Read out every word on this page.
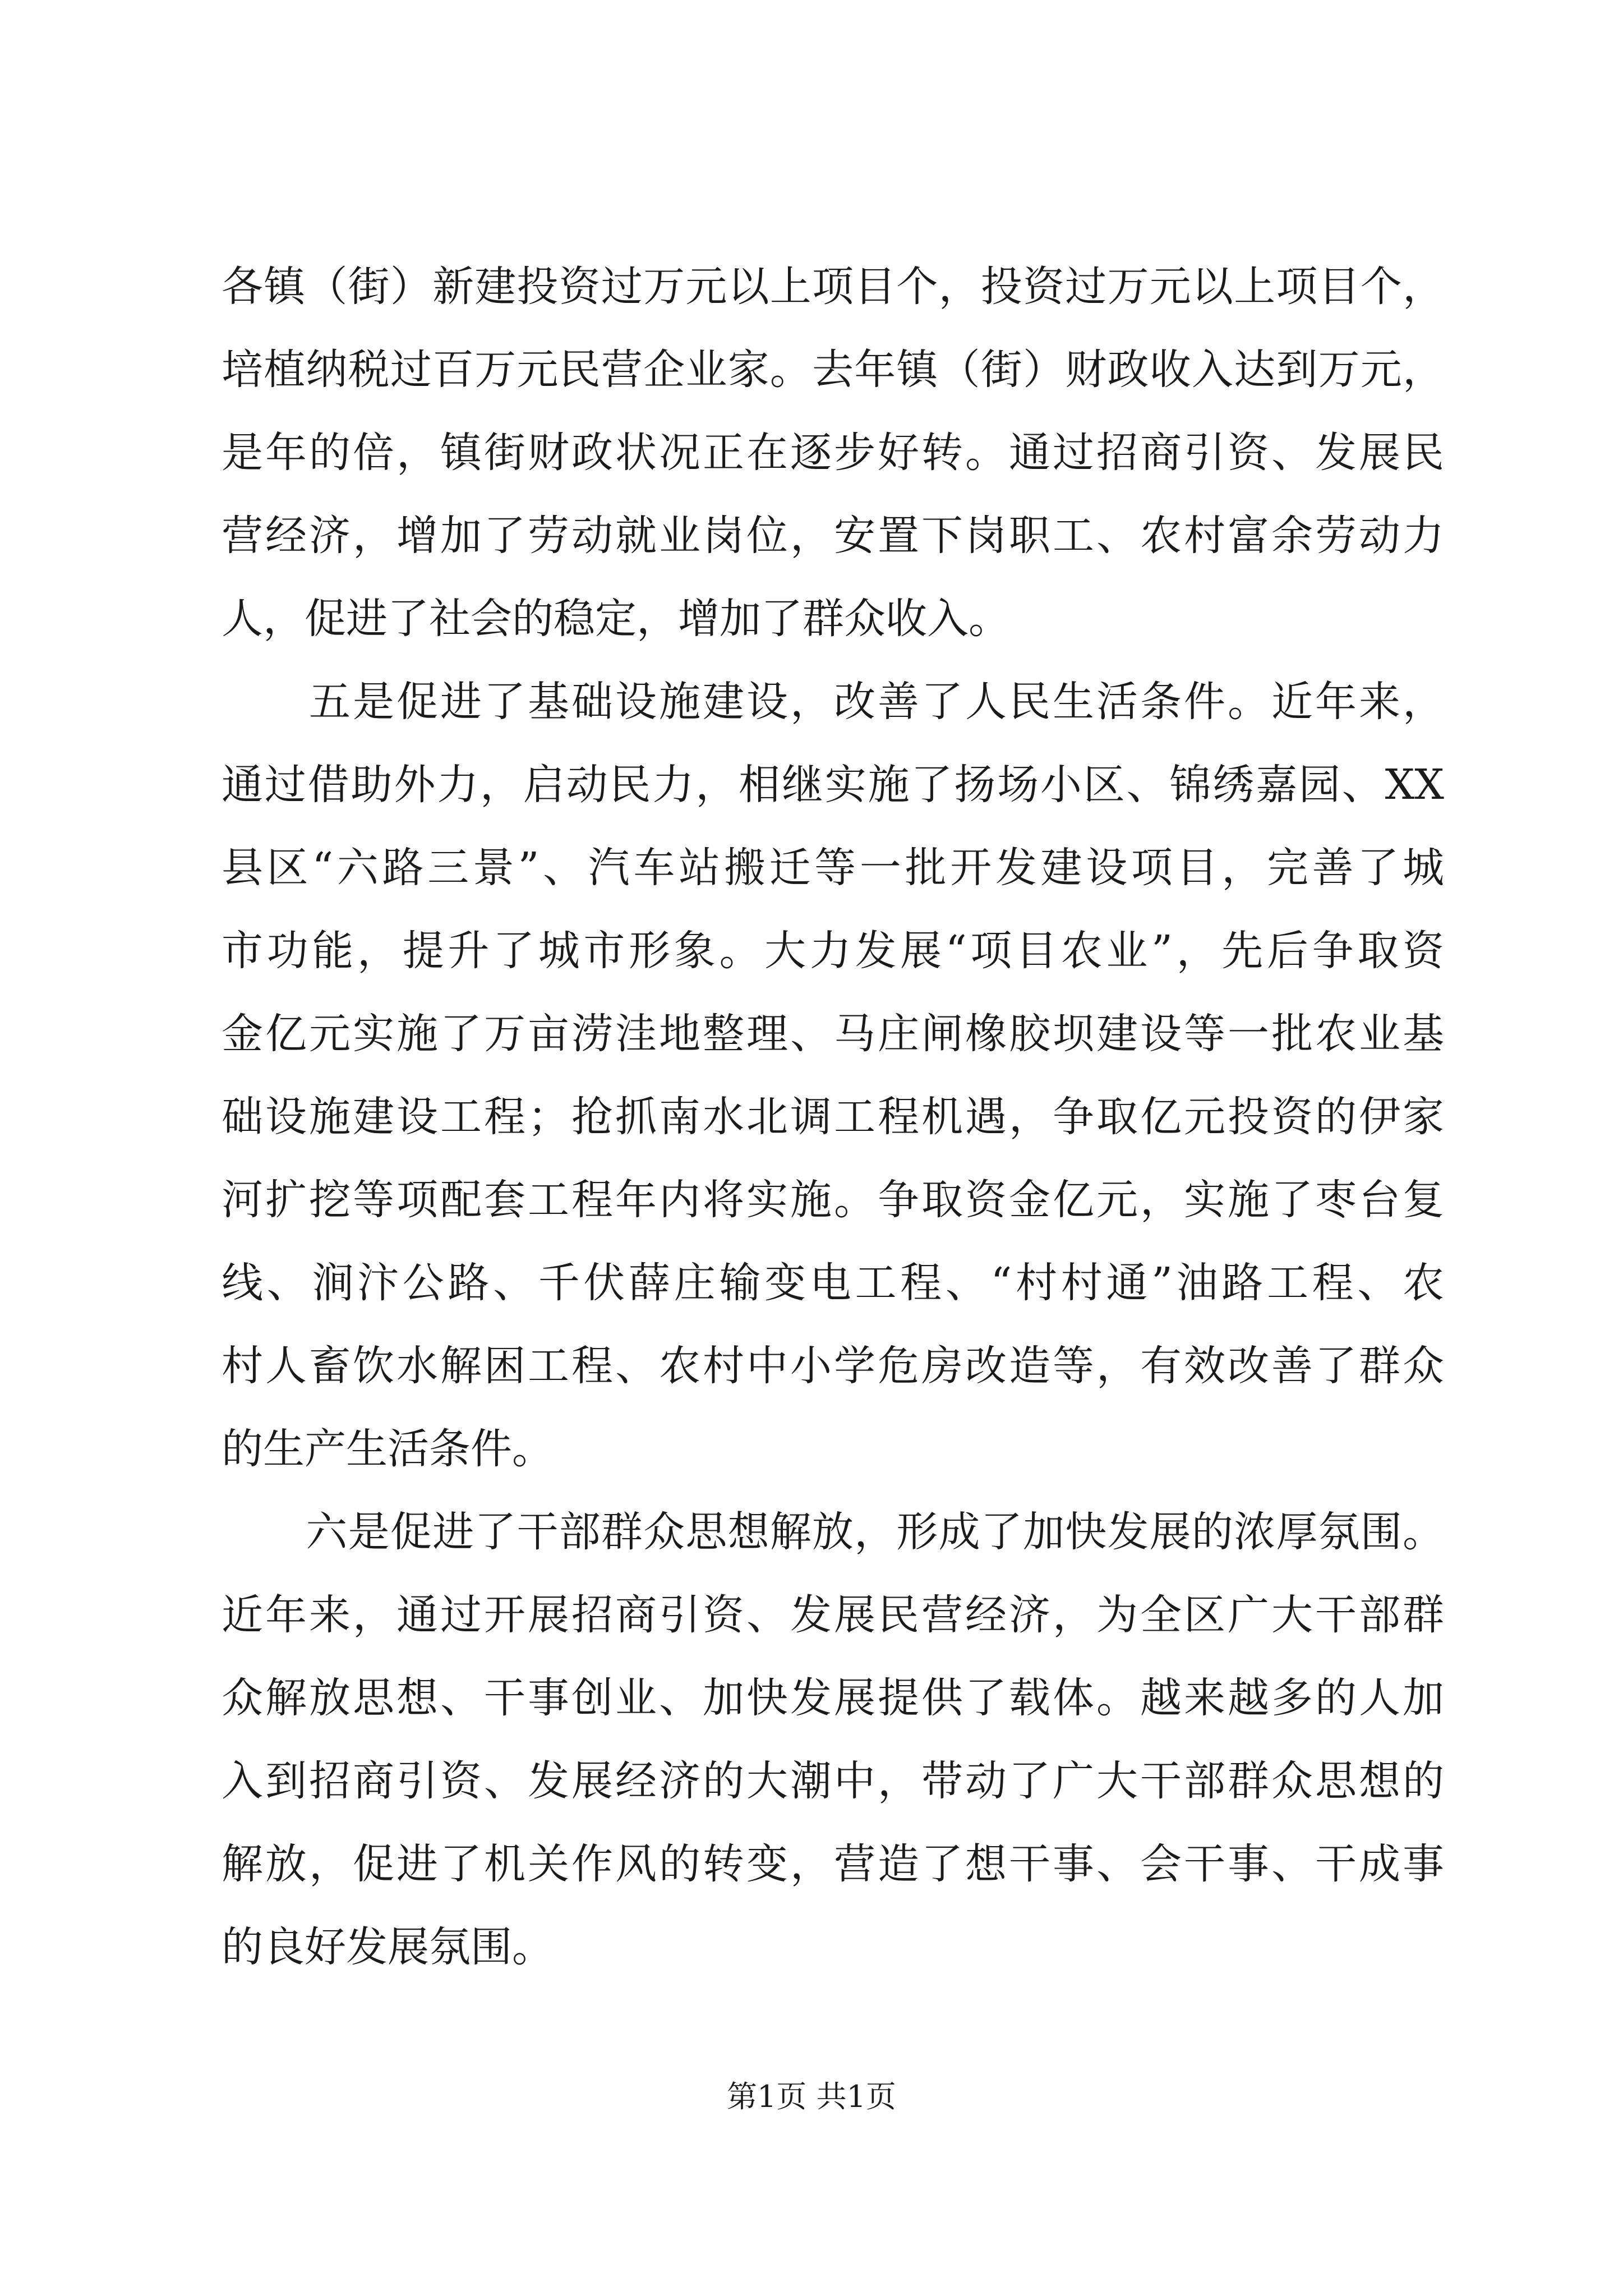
各镇（街）新建投资过万元以上项目个，投资过万元以上项目个，
培植纳税过百万元民营企业家。去年镇（街）财政收入达到万元，
是年的倍，镇街财政状况正在逐步好转。通过招商引资、发展民
营经济，增加了劳动就业岗位，安置下岗职工、农村富余劳动力
人，促进了社会的稳定，增加了群众收入。
　　五是促进了基础设施建设，改善了人民生活条件。近年来，
通过借助外力，启动民力，相继实施了扬场小区、锦绣嘉园、XX
县区“六路三景”、汽车站搬迁等一批开发建设项目，完善了城
市功能，提升了城市形象。大力发展“项目农业”，先后争取资
金亿元实施了万亩涝洼地整理、马庄闸橡胶坝建设等一批农业基
础设施建设工程；抢抓南水北调工程机遇，争取亿元投资的伊家
河扩挖等项配套工程年内将实施。争取资金亿元，实施了枣台复
线、涧汴公路、千伏薛庄输变电工程、“村村通”油路工程、农
村人畜饮水解困工程、农村中小学危房改造等，有效改善了群众
的生产生活条件。
　　六是促进了干部群众思想解放，形成了加快发展的浓厚氛围。
近年来，通过开展招商引资、发展民营经济，为全区广大干部群
众解放思想、干事创业、加快发展提供了载体。越来越多的人加
入到招商引资、发展经济的大潮中，带动了广大干部群众思想的
解放，促进了机关作风的转变，营造了想干事、会干事、干成事
的良好发展氛围。
第1页 共1页
